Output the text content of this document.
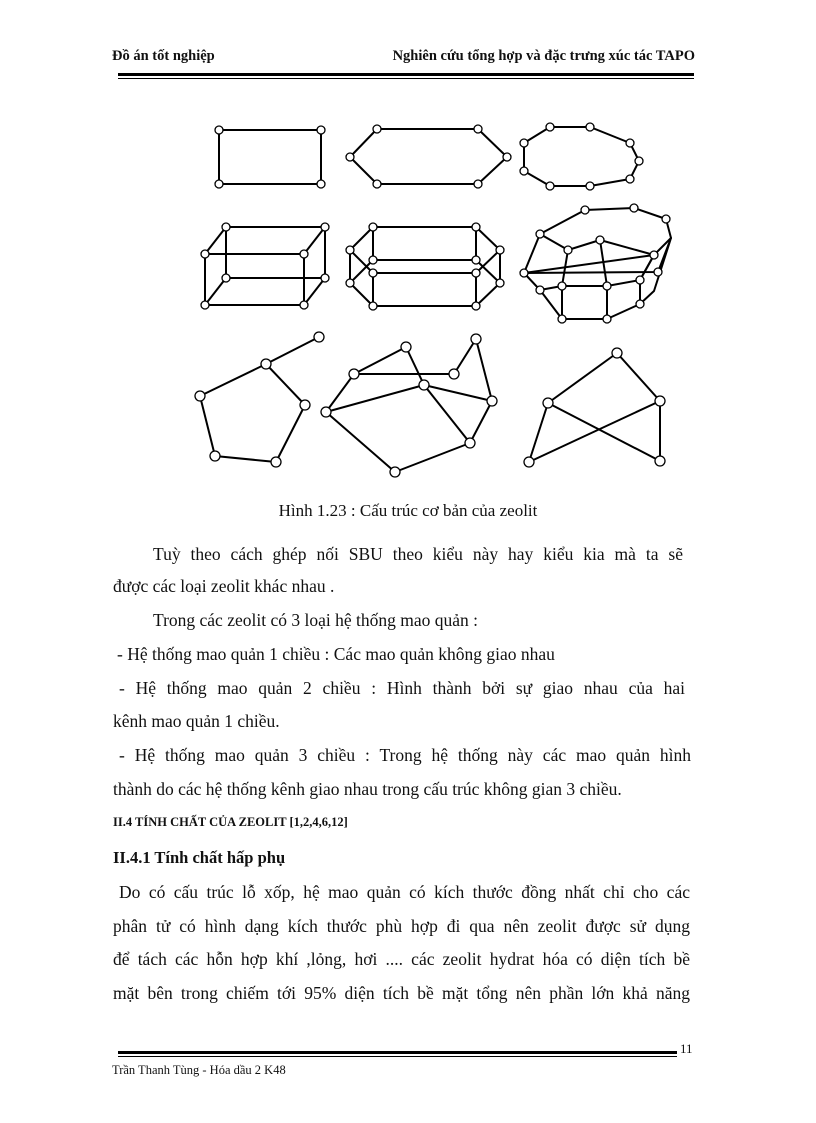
Đồ án tốt nghiệp	Nghiên cứu tổng hợp và đặc trưng xúc tác TAPO
Hình 1.23 : Cấu trúc cơ bản của zeolit
Tuỳ theo cách ghép nối SBU theo kiểu này hay kiểu kia mà ta sẽ
được các loại zeolit khác nhau .
Trong các zeolit có 3 loại hệ thống mao quản :
- Hệ thống mao quản 1 chiều : Các mao quản không giao nhau
- Hệ thống mao quản 2 chiều : Hình thành bởi sự giao nhau của hai
kênh mao quản 1 chiều.
- Hệ thống mao quản 3 chiều : Trong hệ thống này các mao quản hình
thành do các hệ thống kênh giao nhau trong cấu trúc không gian 3 chiều.
II.4 TÍNH CHẤT CỦA ZEOLIT [1,2,4,6,12]
II.4.1 Tính chất hấp phụ
Do có cấu trúc lỗ xốp, hệ mao quản có kích thước đồng nhất chỉ cho các
phân tử có hình dạng kích thước phù hợp đi qua nên zeolit được sử dụng
để tách các hỗn hợp khí ,lỏng, hơi .... các zeolit hydrat hóa có diện tích bề
mặt bên trong chiếm tới 95% diện tích bề mặt tổng nên phần lớn khả năng
11
Trần Thanh Tùng - Hóa dầu 2 K48
